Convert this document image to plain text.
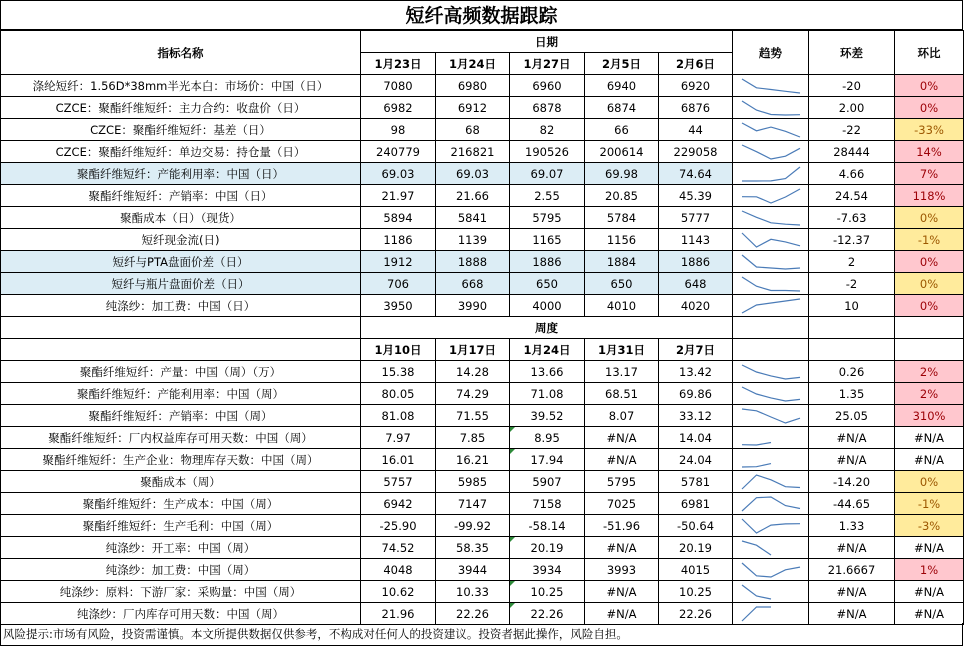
短纤高频数据跟踪
指标名称	日期					趋势	环差	环比
	1月23日	1月24日	1月27日	2月5日	2月6日			
涤纶短纤：1.56D*38mm半光本白：市场价：中国（日）	7080	6980	6960	6940	6920		-20	0%
CZCE：聚酯纤维短纤：主力合约：收盘价（日）	6982	6912	6878	6874	6876		2.00	0%
CZCE：聚酯纤维短纤：基差（日）	98	68	82	66	44		-22	-33%
CZCE：聚酯纤维短纤：单边交易：持仓量（日）	240779	216821	190526	200614	229058		28444	14%
聚酯纤维短纤：产能利用率：中国（日）	69.03	69.03	69.07	69.98	74.64		4.66	7%
聚酯纤维短纤：产销率：中国（日）	21.97	21.66	2.55	20.85	45.39		24.54	118%
聚酯成本（日）（现货）	5894	5841	5795	5784	5777		-7.63	0%
短纤现金流(日)	1186	1139	1165	1156	1143		-12.37	-1%
短纤与PTA盘面价差（日）	1912	1888	1886	1884	1886		2	0%
短纤与瓶片盘面价差（日）	706	668	650	650	648		-2	0%
纯涤纱：加工费：中国（日）	3950	3990	4000	4010	4020		10	0%
	周度							
	1月10日	1月17日	1月24日	1月31日	2月7日			
聚酯纤维短纤：产量：中国（周）（万）	15.38	14.28	13.66	13.17	13.42		0.26	2%
聚酯纤维短纤：产能利用率：中国（周）	80.05	74.29	71.08	68.51	69.86		1.35	2%
聚酯纤维短纤：产销率：中国（周）	81.08	71.55	39.52	8.07	33.12		25.05	310%
聚酯纤维短纤：厂内权益库存可用天数：中国（周）	7.97	7.85	8.95	#N/A	14.04		#N/A	#N/A
聚酯纤维短纤：生产企业：物理库存天数：中国（周）	16.01	16.21	17.94	#N/A	24.04		#N/A	#N/A
聚酯成本（周）	5757	5985	5907	5795	5781		-14.20	0%
聚酯纤维短纤：生产成本：中国（周）	6942	7147	7158	7025	6981		-44.65	-1%
聚酯纤维短纤：生产毛利：中国（周）	-25.90	-99.92	-58.14	-51.96	-50.64		1.33	-3%
纯涤纱：开工率：中国（周）	74.52	58.35	20.19	#N/A	20.19		#N/A	#N/A
纯涤纱：加工费：中国（周）	4048	3944	3934	3993	4015		21.6667	1%
纯涤纱：原料：下游厂家：采购量：中国（周）	10.62	10.33	10.25	#N/A	10.25		#N/A	#N/A
纯涤纱：厂内库存可用天数：中国（周）	21.96	22.26	22.26	#N/A	22.26		#N/A	#N/A
风险提示:市场有风险，投资需谨慎。本文所提供数据仅供参考，不构成对任何人的投资建议。投资者据此操作，风险自担。
